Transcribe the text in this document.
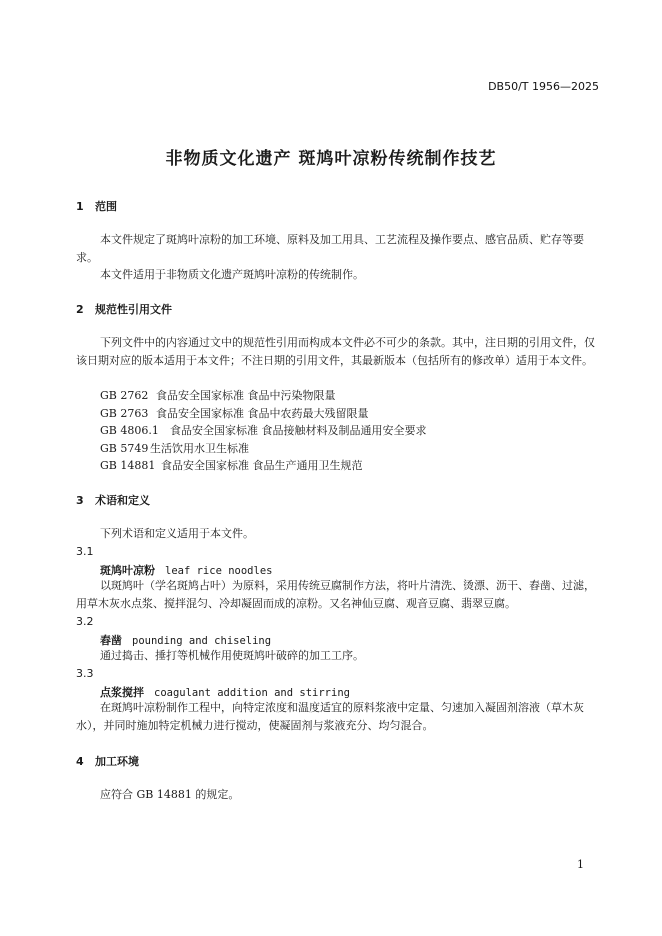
DB50/T 1956—2025
非物质文化遗产 斑鸠叶凉粉传统制作技艺
1 范围
本文件规定了斑鸠叶凉粉的加工环境、原料及加工用具、工艺流程及操作要点、感官品质、贮存等要求。
本文件适用于非物质文化遗产斑鸠叶凉粉的传统制作。
2 规范性引用文件
下列文件中的内容通过文中的规范性引用而构成本文件必不可少的条款。其中，注日期的引用文件，仅该日期对应的版本适用于本文件；不注日期的引用文件，其最新版本（包括所有的修改单）适用于本文件。
GB 2762 食品安全国家标准 食品中污染物限量
GB 2763 食品安全国家标准 食品中农药最大残留限量
GB 4806.1 食品安全国家标准 食品接触材料及制品通用安全要求
GB 5749 生活饮用水卫生标准
GB 14881 食品安全国家标准 食品生产通用卫生规范
3 术语和定义
下列术语和定义适用于本文件。
3.1
斑鸠叶凉粉 leaf rice noodles
以斑鸠叶（学名斑鸠占叶）为原料，采用传统豆腐制作方法，将叶片清洗、烫漂、沥干、舂凿、过滤，用草木灰水点浆、搅拌混匀、冷却凝固而成的凉粉。又名神仙豆腐、观音豆腐、翡翠豆腐。
3.2
舂凿 pounding and chiseling
通过捣击、捶打等机械作用使斑鸠叶破碎的加工工序。
3.3
点浆搅拌 coagulant addition and stirring
在斑鸠叶凉粉制作工程中，向特定浓度和温度适宜的原料浆液中定量、匀速加入凝固剂溶液（草木灰水），并同时施加特定机械力进行搅动，使凝固剂与浆液充分、均匀混合。
4 加工环境
应符合 GB 14881 的规定。
1
